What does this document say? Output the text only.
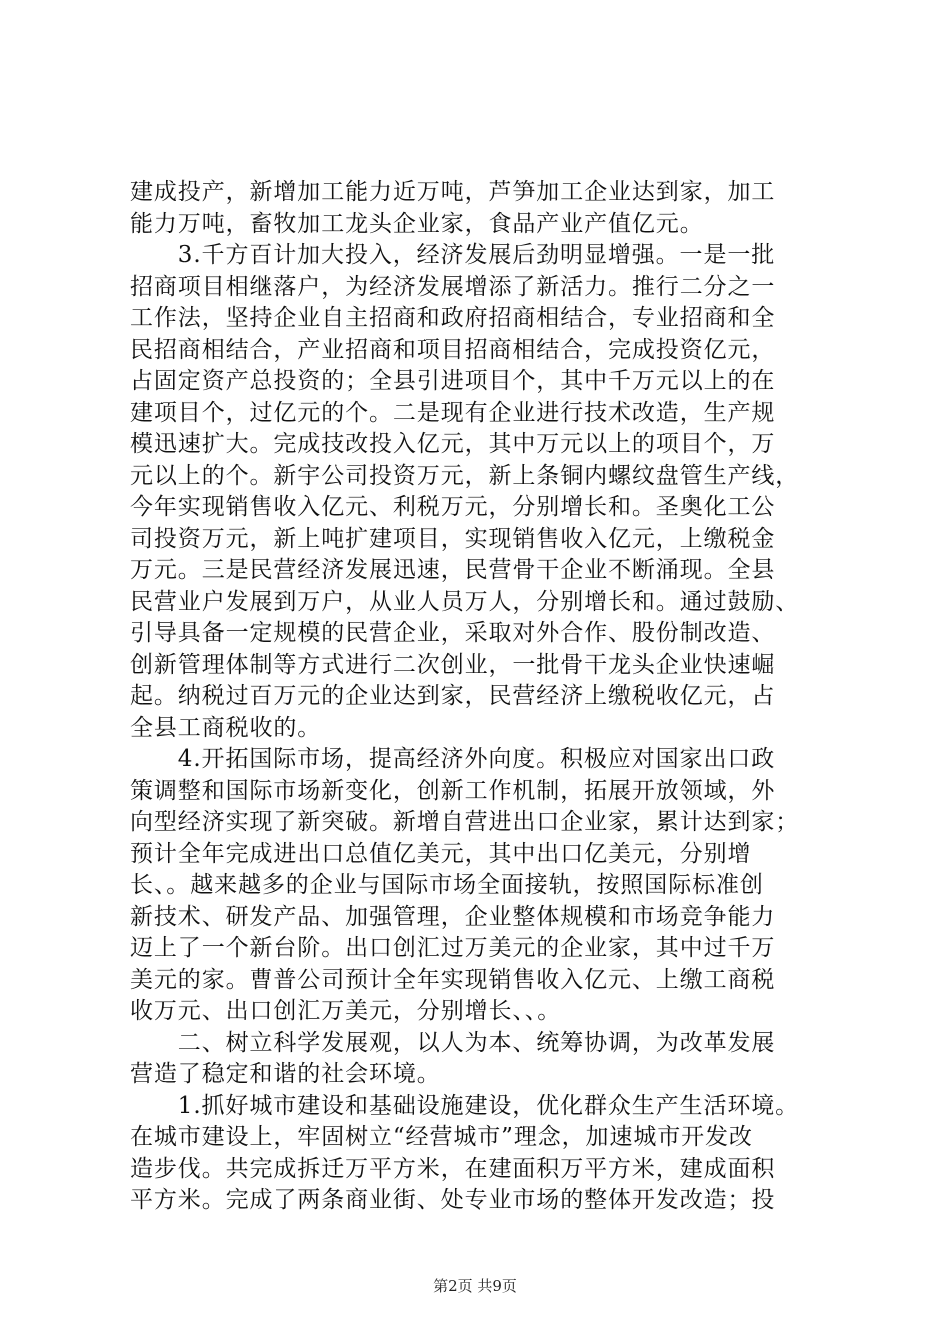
建成投产，新增加工能力近万吨，芦笋加工企业达到家，加工
能力万吨，畜牧加工龙头企业家，食品产业产值亿元。
　　3.千方百计加大投入，经济发展后劲明显增强。一是一批
招商项目相继落户，为经济发展增添了新活力。推行二分之一
工作法，坚持企业自主招商和政府招商相结合，专业招商和全
民招商相结合，产业招商和项目招商相结合，完成投资亿元，
占固定资产总投资的；全县引进项目个，其中千万元以上的在
建项目个，过亿元的个。二是现有企业进行技术改造，生产规
模迅速扩大。完成技改投入亿元，其中万元以上的项目个，万
元以上的个。新宇公司投资万元，新上条铜内螺纹盘管生产线，
今年实现销售收入亿元、利税万元，分别增长和。圣奥化工公
司投资万元，新上吨扩建项目，实现销售收入亿元，上缴税金
万元。三是民营经济发展迅速，民营骨干企业不断涌现。全县
民营业户发展到万户，从业人员万人，分别增长和。通过鼓励、
引导具备一定规模的民营企业，采取对外合作、股份制改造、
创新管理体制等方式进行二次创业，一批骨干龙头企业快速崛
起。纳税过百万元的企业达到家，民营经济上缴税收亿元，占
全县工商税收的。
　　4.开拓国际市场，提高经济外向度。积极应对国家出口政
策调整和国际市场新变化，创新工作机制，拓展开放领域，外
向型经济实现了新突破。新增自营进出口企业家，累计达到家；
预计全年完成进出口总值亿美元，其中出口亿美元，分别增
长、。越来越多的企业与国际市场全面接轨，按照国际标准创
新技术、研发产品、加强管理，企业整体规模和市场竞争能力
迈上了一个新台阶。出口创汇过万美元的企业家，其中过千万
美元的家。曹普公司预计全年实现销售收入亿元、上缴工商税
收万元、出口创汇万美元，分别增长、、。
　　二、树立科学发展观，以人为本、统筹协调，为改革发展
营造了稳定和谐的社会环境。
　　1.抓好城市建设和基础设施建设，优化群众生产生活环境。
在城市建设上，牢固树立“经营城市”理念，加速城市开发改
造步伐。共完成拆迁万平方米，在建面积万平方米，建成面积
平方米。完成了两条商业街、处专业市场的整体开发改造；投
第2页 共9页
